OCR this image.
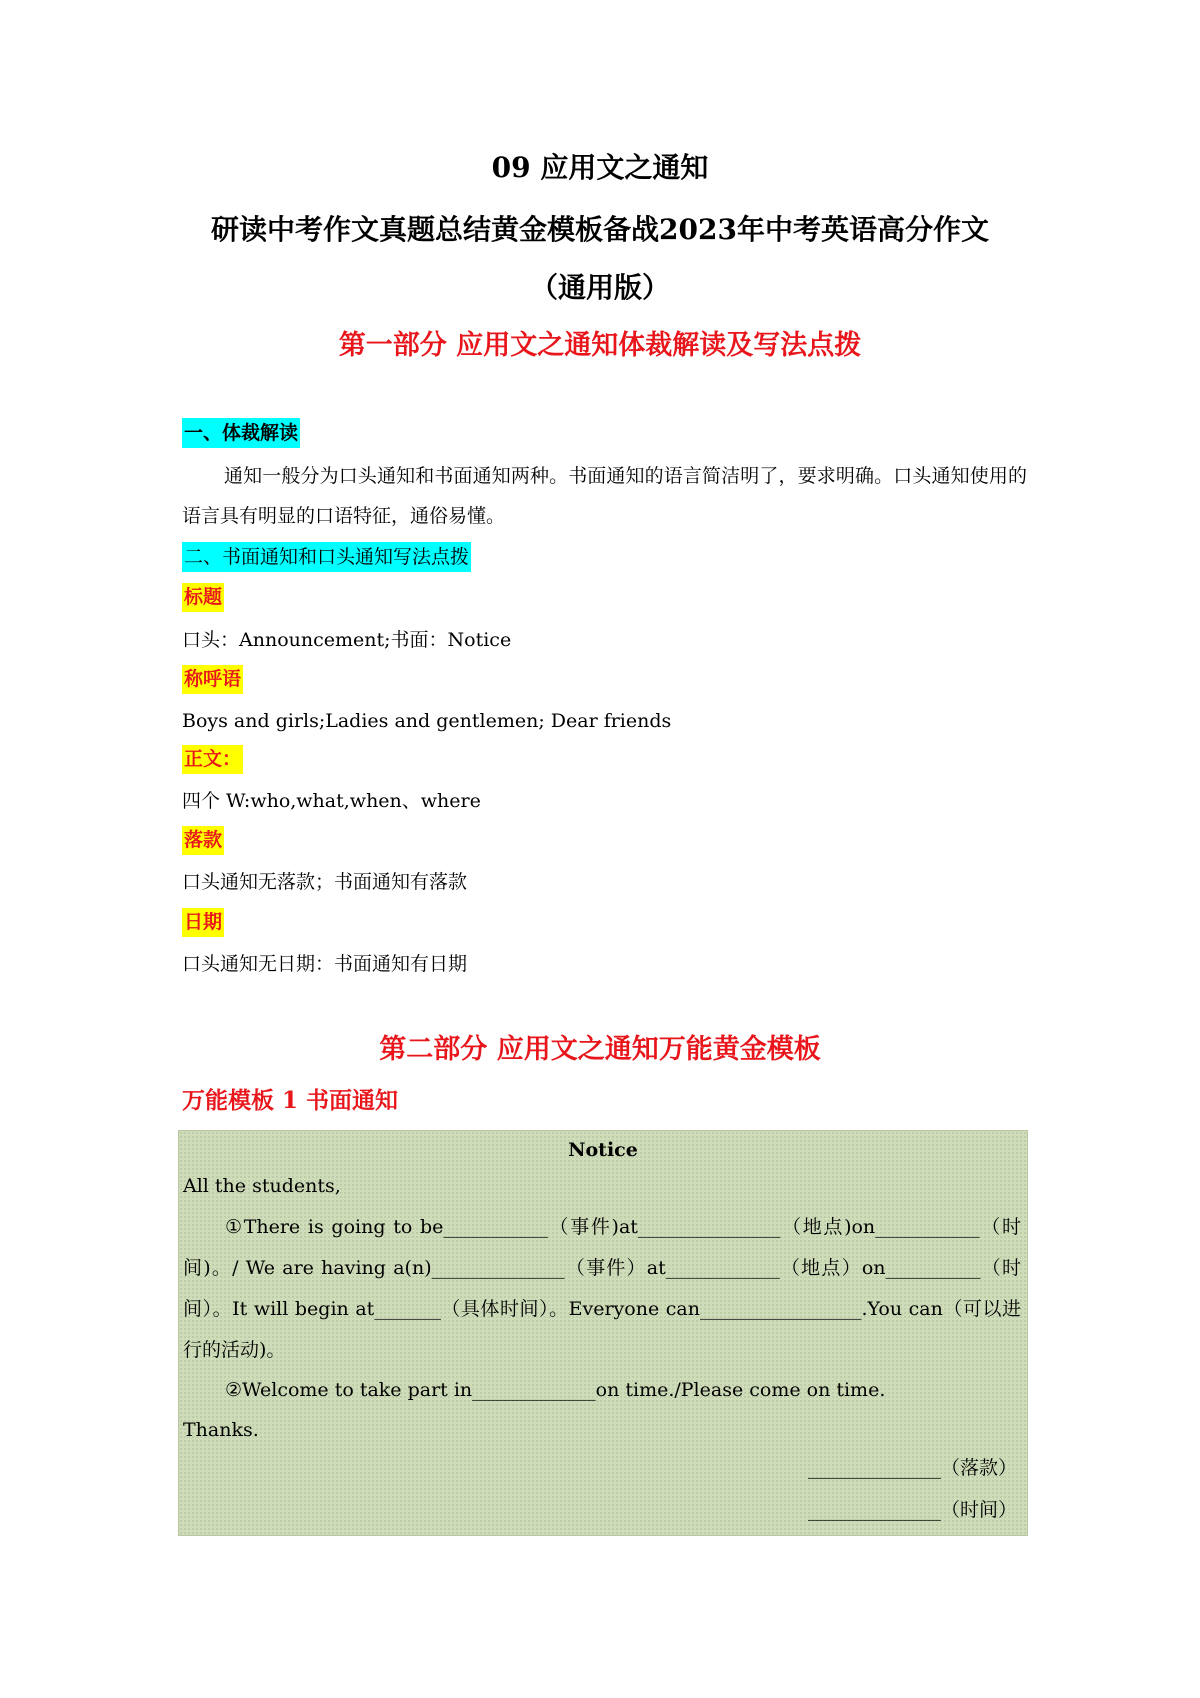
09 应用文之通知
研读中考作文真题总结黄金模板备战2023年中考英语高分作文
（通用版）
第一部分 应用文之通知体裁解读及写法点拨
一、体裁解读
通知一般分为口头通知和书面通知两种。书面通知的语言简洁明了，要求明确。口头通知使用的语言具有明显的口语特征，通俗易懂。
二、书面通知和口头通知写法点拨
标题
口头：Announcement;书面：Notice
称呼语
Boys and girls;Ladies and gentlemen; Dear friends
正文：
四个 W:who,what,when、where
落款
口头通知无落款；书面通知有落款
日期
口头通知无日期：书面通知有日期
第二部分 应用文之通知万能黄金模板
万能模板 1 书面通知
Notice
All the students,
①There is going to be___________（事件)at_______________（地点)on___________（时间)。/ We are having a(n)______________（事件）at____________（地点）on__________（时间）。It will begin at_______（具体时间）。Everyone can_________________.You can（可以进行的活动)。
②Welcome to take part in_____________on time./Please come on time.
Thanks.
______________（落款）
______________（时间）
